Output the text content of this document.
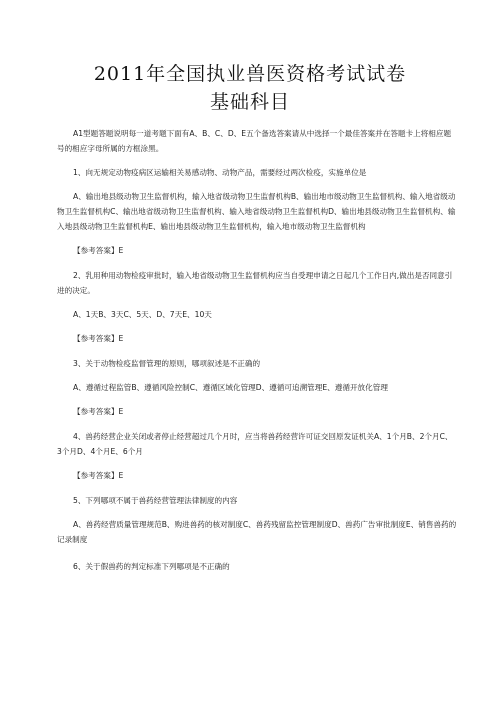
2011年全国执业兽医资格考试试卷
基础科目

A1型题答题说明每一道考题下面有A、B、C、D、E五个备选答案请从中选择一个最佳答案并在答题卡上将相应题号的相应字母所属的方框涂黑。

1、向无规定动物疫病区运输相关易感动物、动物产品，需要经过两次检疫，实施单位是

A、输出地县级动物卫生监督机构，输入地省级动物卫生监督机构B、输出地市级动物卫生监督机构、输入地省级动物卫生监督机构C、输出地省级动物卫生监督机构、输入地省级动物卫生监督机构D、输出地县级动物卫生监督机构、输入地县级动物卫生监督机构E、输出地县级动物卫生监督机构，输入地市级动物卫生监督机构

【参考答案】E

2、乳用种用动物检疫审批时，输入地省级动物卫生监督机构应当自受理申请之日起几个工作日内,做出是否同意引进的决定。

A、1天B、3天C、5天、D、7天E、10天

【参考答案】E

3、关于动物检疫监督管理的原则，哪项叙述是不正确的

A、遵循过程监管B、遵循风险控制C、遵循区域化管理D、遵循可追溯管理E、遵循开放化管理

【参考答案】E

4、兽药经营企业关闭或者停止经营超过几个月时，应当将兽药经营许可证交回原发证机关A、1个月B、2个月C、3个月D、4个月E、6个月

【参考答案】E

5、下列哪项不属于兽药经营管理法律制度的内容

A、兽药经营质量管理规范B、购进兽药的核对制度C、兽药残留监控管理制度D、兽药广告审批制度E、销售兽药的记录制度

6、关于假兽药的判定标准下列哪项是不正确的
